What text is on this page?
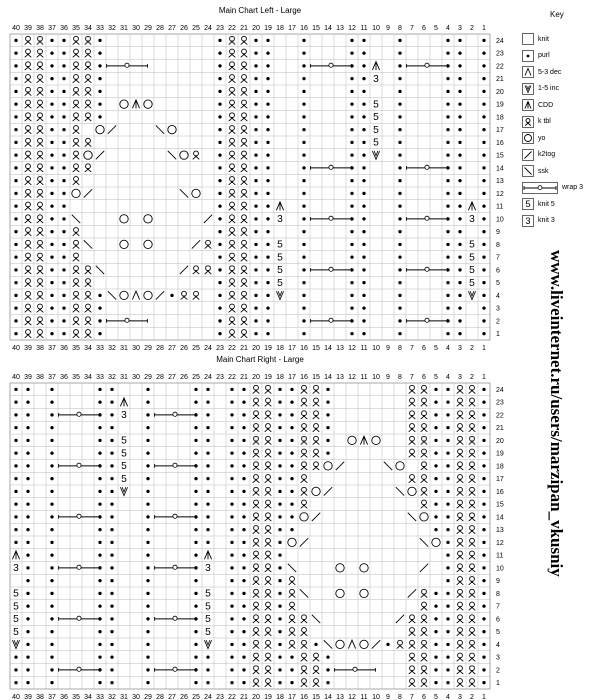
Main Chart Left - Large
1
1
2
2
3
3
4
4
5
5
6
6
7
7
8
8
9
9
10
10
11
11
12
12
13
13
14
14
15
15
16
16
17
17
18
18
19
19
20
20
21
21
22
22
23
23
24
24
25
25
26
26
27
27
28
28
29
29
30
30
31
31
32
32
33
33
34
34
35
35
36
36
37
37
38
38
39
39
40
40
1
2
3
4
5
6
7
8
9
10
11
12
13
14
15
16
17
18
19
20
21
22
23
24
5
5
5
5
5
5
5
5
3
3
5
5
5
5
3
Main Chart Right - Large
1
1
2
2
3
3
4
4
5
5
6
6
7
7
8
8
9
9
10
10
11
11
12
12
13
13
14
14
15
15
16
16
17
17
18
18
19
19
20
20
21
21
22
22
23
23
24
24
25
25
26
26
27
27
28
28
29
29
30
30
31
31
32
32
33
33
34
34
35
35
36
36
37
37
38
38
39
39
40
40
1
2
3
4
5
6
7
8
9
10
11
12
13
14
15
16
17
18
19
20
21
22
23
24
5
5
5
5
5
5
5
5
3
3
5
5
5
5
3
Key
knit
purl
5-3 dec
1-5 inc
CDD
k tbl
yo
k2tog
ssk
wrap 3
5	knit 5
3	knit 3
www.liveinternet.ru/users/marzipan_vkusniy
